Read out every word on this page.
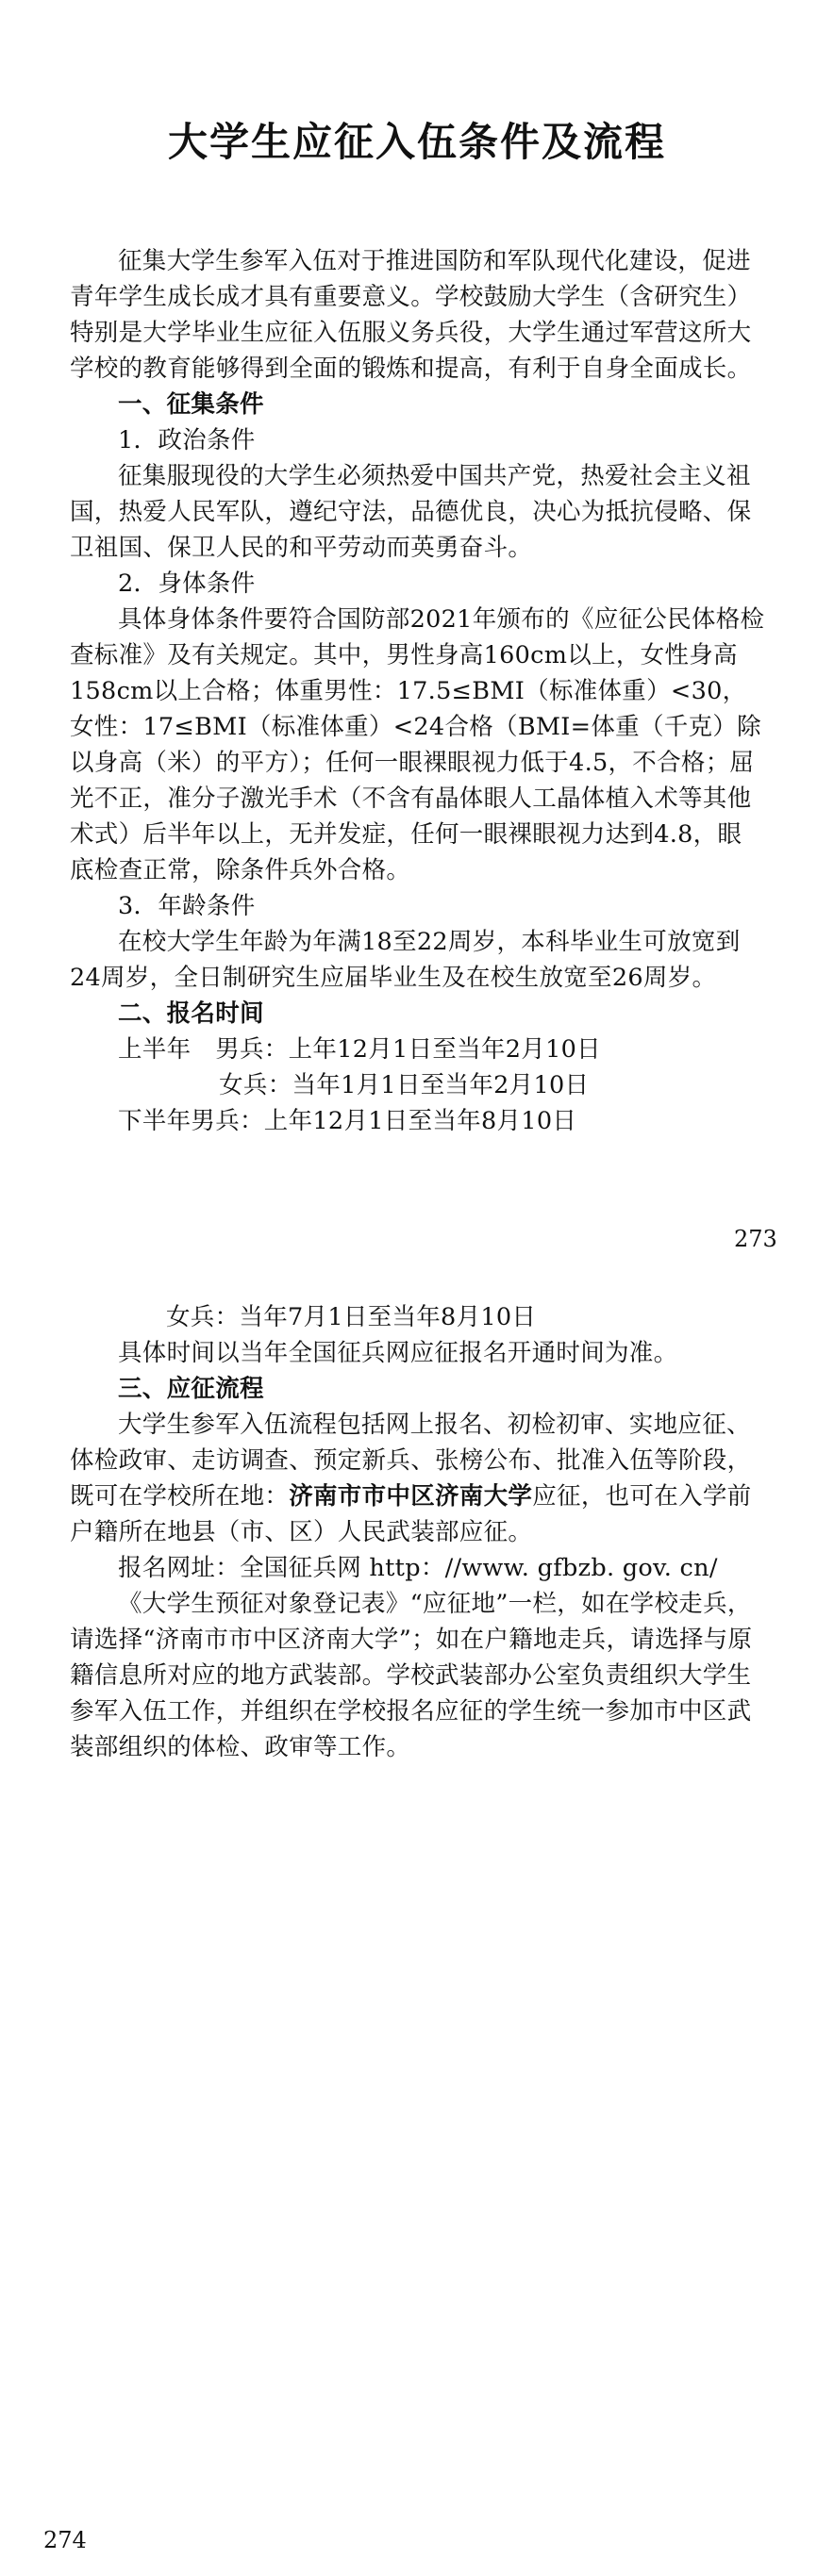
大学生应征入伍条件及流程

征集大学生参军入伍对于推进国防和军队现代化建设，促进青年学生成长成才具有重要意义。学校鼓励大学生（含研究生）特别是大学毕业生应征入伍服义务兵役，大学生通过军营这所大学校的教育能够得到全面的锻炼和提高，有利于自身全面成长。

一、征集条件

1．政治条件

征集服现役的大学生必须热爱中国共产党，热爱社会主义祖国，热爱人民军队，遵纪守法，品德优良，决心为抵抗侵略、保卫祖国、保卫人民的和平劳动而英勇奋斗。

2．身体条件

具体身体条件要符合国防部2021年颁布的《应征公民体格检查标准》及有关规定。其中，男性身高160cm以上，女性身高158cm以上合格；体重男性：17.5≤BMI（标准体重）<30，女性：17≤BMI（标准体重）<24合格（BMI=体重（千克）除以身高（米）的平方）；任何一眼裸眼视力低于4.5，不合格；屈光不正，准分子激光手术（不含有晶体眼人工晶体植入术等其他术式）后半年以上，无并发症，任何一眼裸眼视力达到4.8，眼底检查正常，除条件兵外合格。

3．年龄条件

在校大学生年龄为年满18至22周岁，本科毕业生可放宽到24周岁，全日制研究生应届毕业生及在校生放宽至26周岁。

二、报名时间

上半年　男兵：上年12月1日至当年2月10日

女兵：当年1月1日至当年2月10日

下半年男兵：上年12月1日至当年8月10日

273

女兵：当年7月1日至当年8月10日

具体时间以当年全国征兵网应征报名开通时间为准。

三、应征流程

大学生参军入伍流程包括网上报名、初检初审、实地应征、体检政审、走访调查、预定新兵、张榜公布、批准入伍等阶段，既可在学校所在地：济南市市中区济南大学应征，也可在入学前户籍所在地县（市、区）人民武装部应征。

报名网址：全国征兵网 http：//www. gfbzb. gov. cn/

《大学生预征对象登记表》“应征地”一栏，如在学校走兵，请选择“济南市市中区济南大学”；如在户籍地走兵，请选择与原籍信息所对应的地方武装部。学校武装部办公室负责组织大学生参军入伍工作，并组织在学校报名应征的学生统一参加市中区武装部组织的体检、政审等工作。

274
